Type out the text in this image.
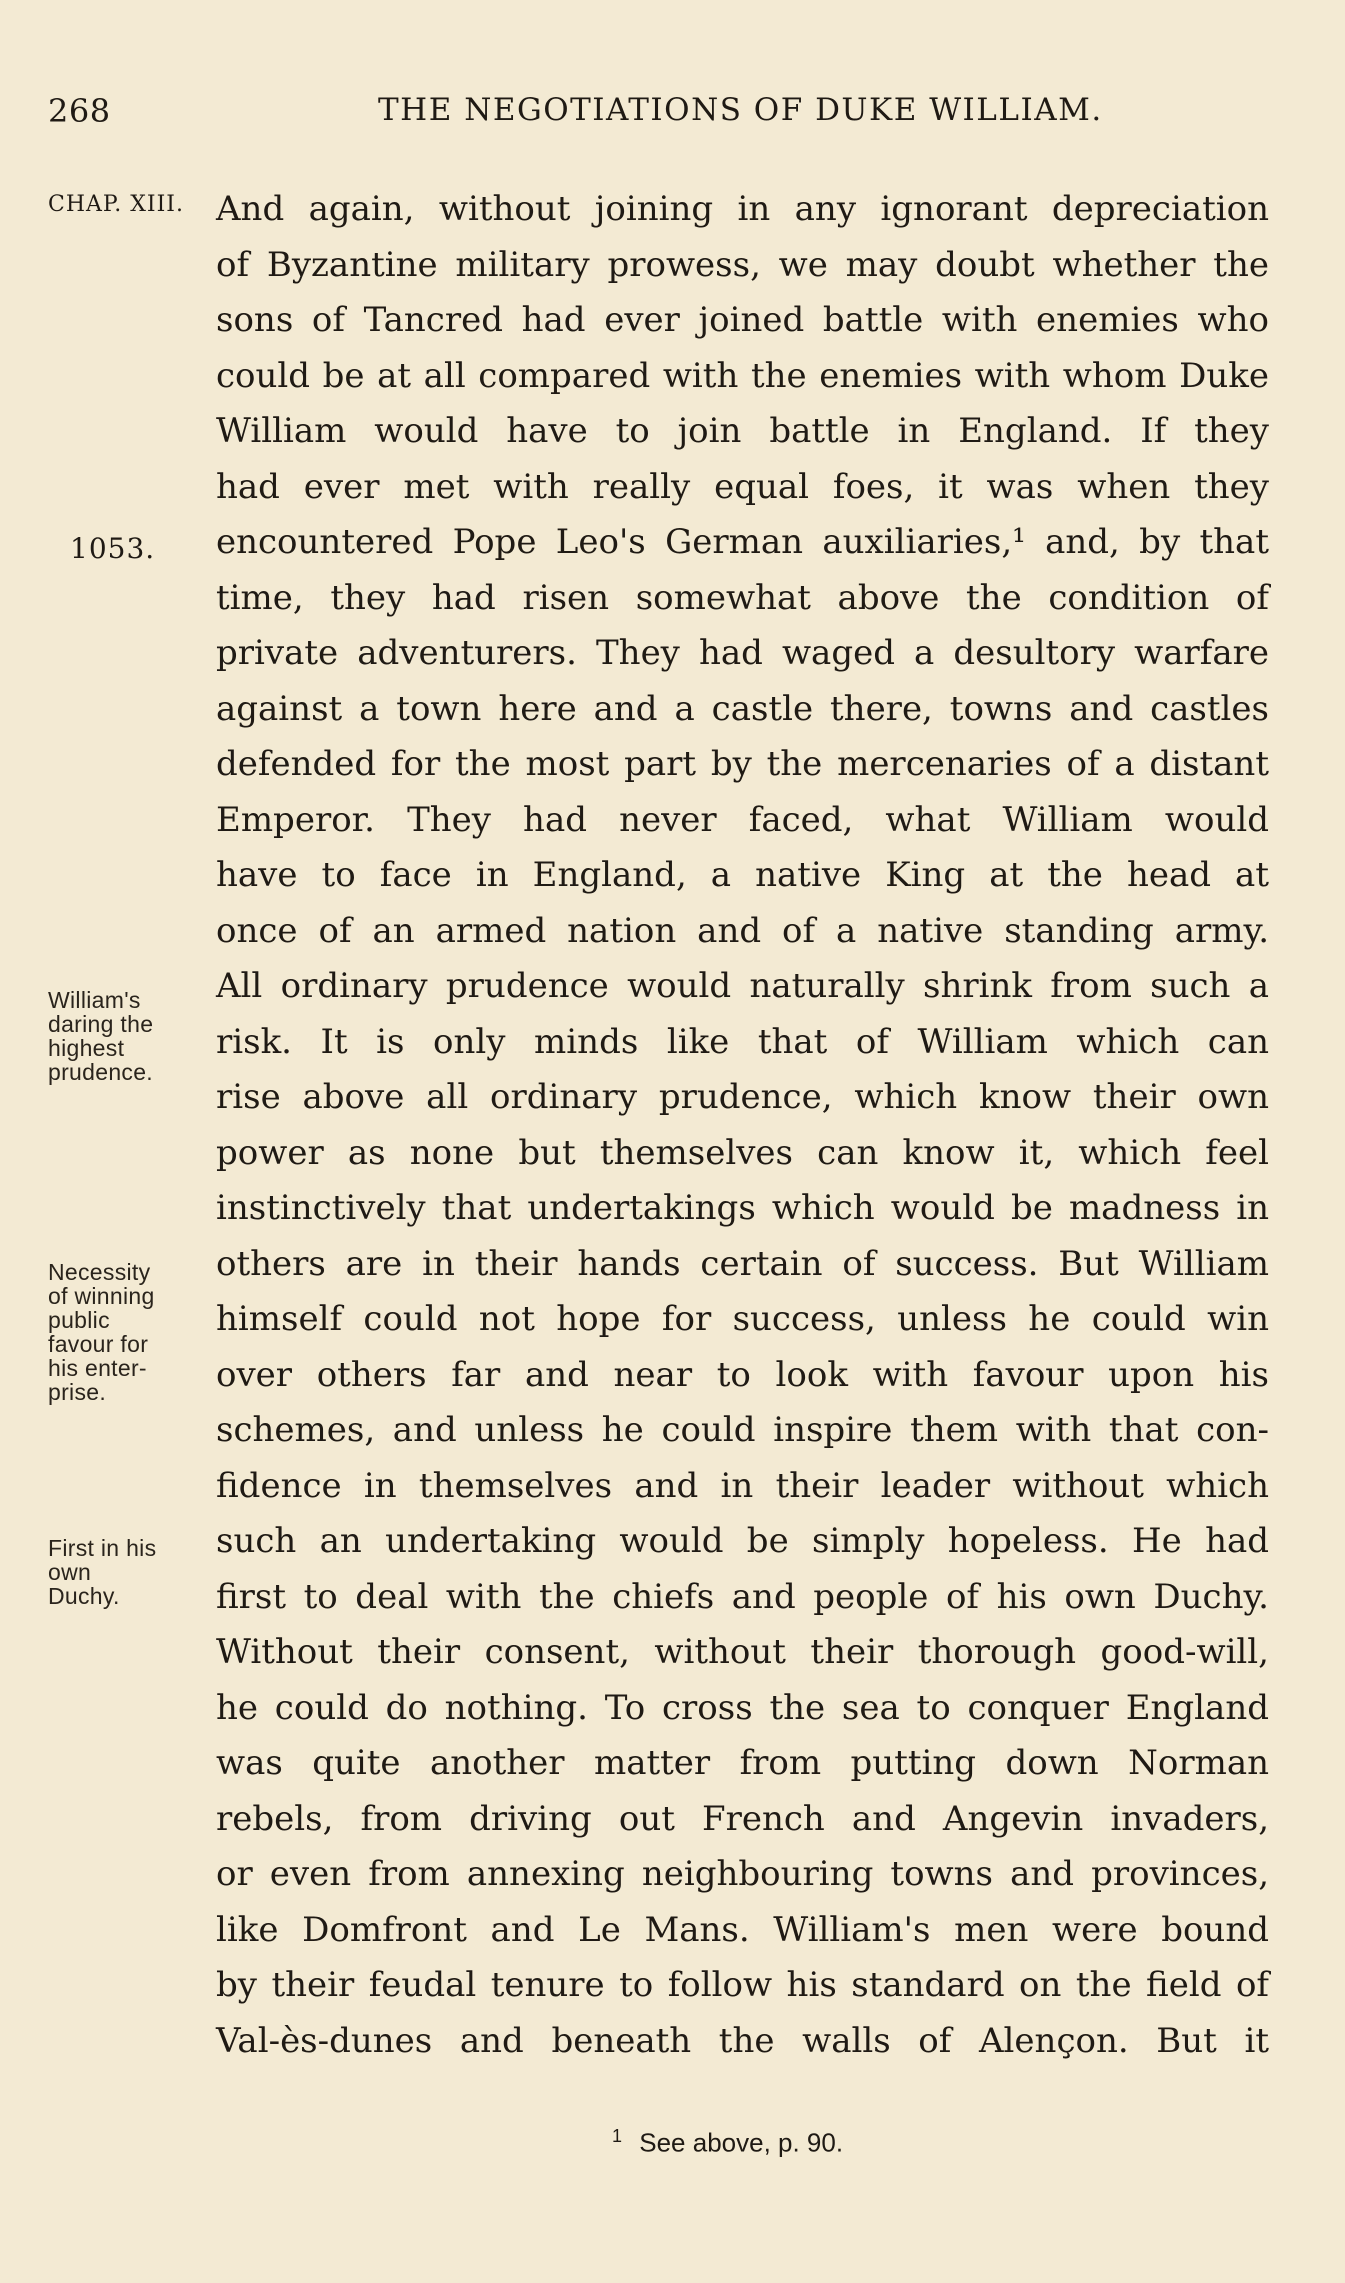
268	THE NEGOTIATIONS OF DUKE WILLIAM.
CHAP. XIII.
1053.
William's
daring the
highest
prudence.
Necessity
of winning
public
favour for
his enter-
prise.
First in his
own
Duchy.
And again, without joining in any ignorant depreciation
of Byzantine military prowess, we may doubt whether the
sons of Tancred had ever joined battle with enemies who
could be at all compared with the enemies with whom Duke
William would have to join battle in England. If they
had ever met with really equal foes, it was when they
encountered Pope Leo's German auxiliaries,¹ and, by that
time, they had risen somewhat above the condition of
private adventurers. They had waged a desultory warfare
against a town here and a castle there, towns and castles
defended for the most part by the mercenaries of a distant
Emperor. They had never faced, what William would
have to face in England, a native King at the head at
once of an armed nation and of a native standing army.
All ordinary prudence would naturally shrink from such a
risk. It is only minds like that of William which can
rise above all ordinary prudence, which know their own
power as none but themselves can know it, which feel
instinctively that undertakings which would be madness in
others are in their hands certain of success. But William
himself could not hope for success, unless he could win
over others far and near to look with favour upon his
schemes, and unless he could inspire them with that con-
fidence in themselves and in their leader without which
such an undertaking would be simply hopeless. He had
first to deal with the chiefs and people of his own Duchy.
Without their consent, without their thorough good-will,
he could do nothing. To cross the sea to conquer England
was quite another matter from putting down Norman
rebels, from driving out French and Angevin invaders,
or even from annexing neighbouring towns and provinces,
like Domfront and Le Mans. William's men were bound
by their feudal tenure to follow his standard on the field of
Val-ès-dunes and beneath the walls of Alençon. But it
$^1$ See above, p. 90.
